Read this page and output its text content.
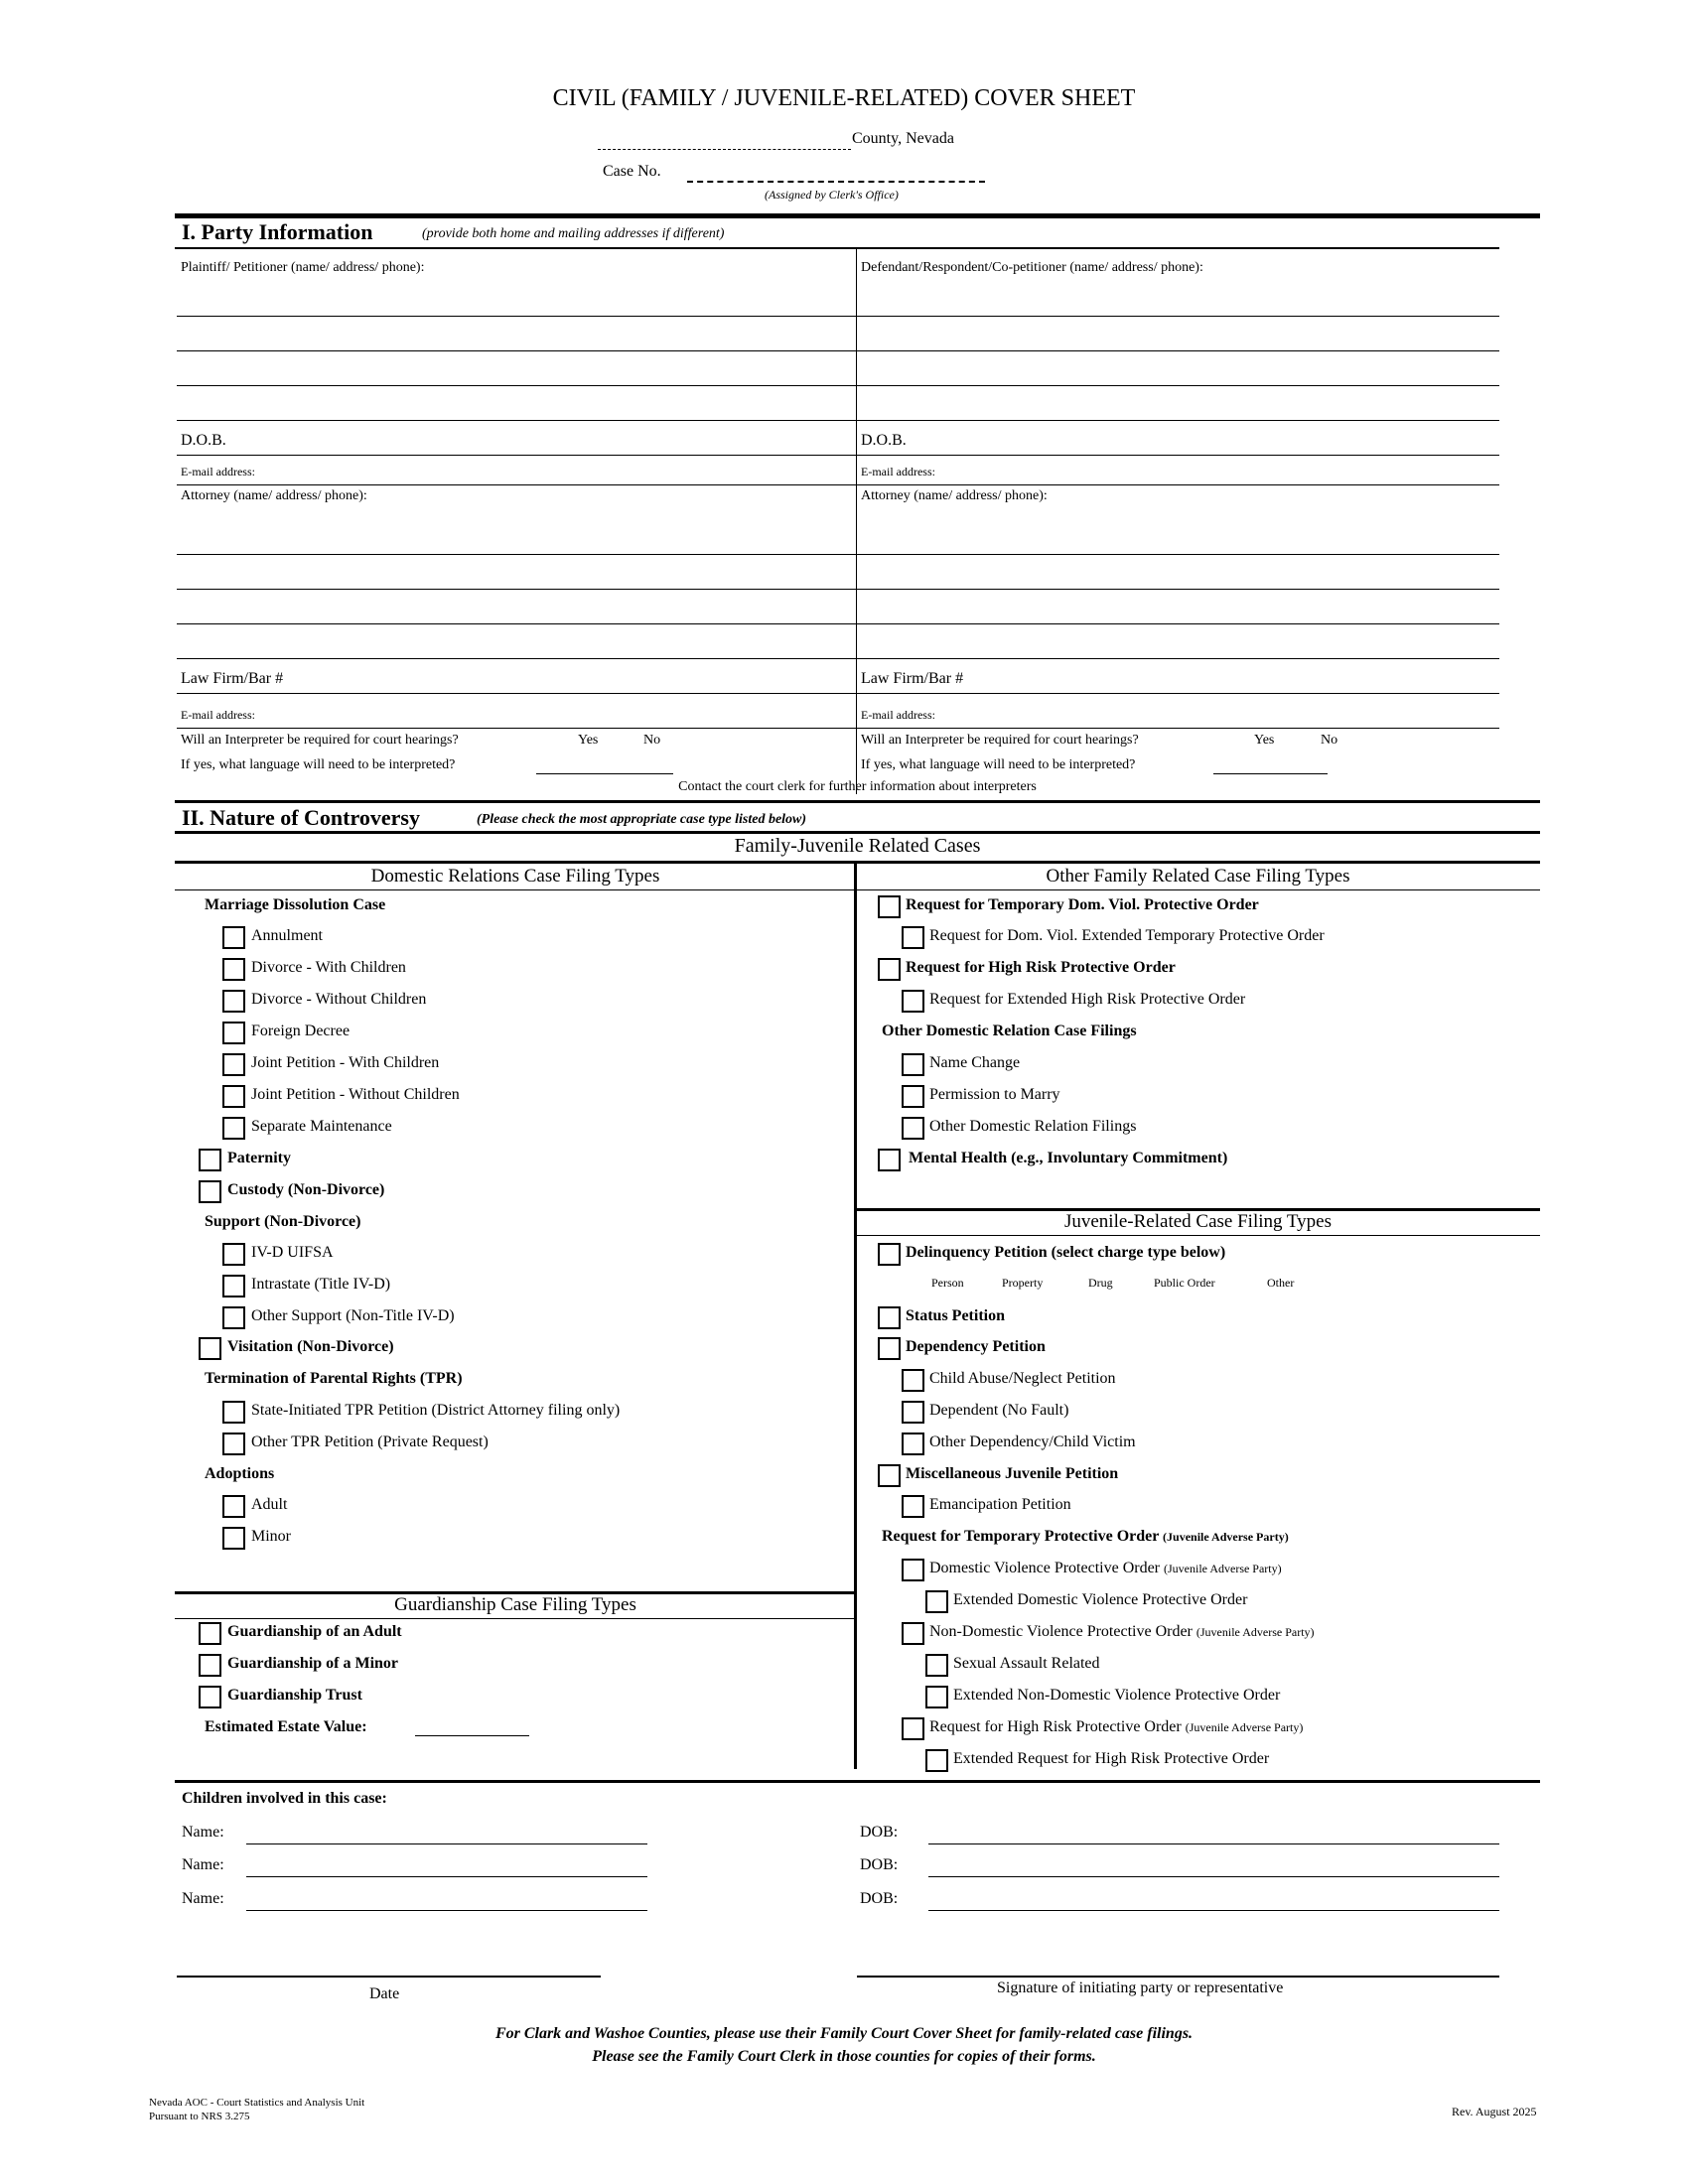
CIVIL (FAMILY / JUVENILE-RELATED) COVER SHEET
County, Nevada
Case No.
(Assigned by Clerk's Office)
I. Party Information	(provide both home and mailing addresses if different)
Plaintiff/ Petitioner (name/ address/ phone):	Defendant/Respondent/Co-petitioner (name/ address/ phone):
D.O.B.	D.O.B.
E-mail address:	E-mail address:
Attorney (name/ address/ phone):	Attorney (name/ address/ phone):
Law Firm/Bar #	Law Firm/Bar #
E-mail address:	E-mail address:
Will an Interpreter be required for court hearings?	Yes	No	Will an Interpreter be required for court hearings?	Yes	No
If yes, what language will need to be interpreted?	If yes, what language will need to be interpreted?
Contact the court clerk for further information about interpreters
II. Nature of Controversy	(Please check the most appropriate case type listed below)
Family-Juvenile Related Cases
Domestic Relations Case Filing Types	Other Family Related Case Filing Types
Marriage Dissolution Case
Annulment
Divorce - With Children
Divorce - Without Children
Foreign Decree
Joint Petition - With Children
Joint Petition - Without Children
Separate Maintenance
Paternity
Custody (Non-Divorce)
Support (Non-Divorce)
IV-D UIFSA
Intrastate (Title IV-D)
Other Support (Non-Title IV-D)
Visitation (Non-Divorce)
Termination of Parental Rights (TPR)
State-Initiated TPR Petition (District Attorney filing only)
Other TPR Petition (Private Request)
Adoptions
Adult
Minor
Guardianship Case Filing Types
Guardianship of an Adult
Guardianship of a Minor
Guardianship Trust
Estimated Estate Value:
Request for Temporary Dom. Viol. Protective Order
Request for Dom. Viol. Extended Temporary Protective Order
Request for High Risk Protective Order
Request for Extended High Risk Protective Order
Other Domestic Relation Case Filings
Name Change
Permission to Marry
Other Domestic Relation Filings
Mental Health (e.g., Involuntary Commitment)
Juvenile-Related Case Filing Types
Delinquency Petition (select charge type below)
Person	Property	Drug	Public Order	Other
Status Petition
Dependency Petition
Child Abuse/Neglect Petition
Dependent (No Fault)
Other Dependency/Child Victim
Miscellaneous Juvenile Petition
Emancipation Petition
Request for Temporary Protective Order (Juvenile Adverse Party)
Domestic Violence Protective Order (Juvenile Adverse Party)
Extended Domestic Violence Protective Order
Non-Domestic Violence Protective Order (Juvenile Adverse Party)
Sexual Assault Related
Extended Non-Domestic Violence Protective Order
Request for High Risk Protective Order (Juvenile Adverse Party)
Extended Request for High Risk Protective Order
Children involved in this case:
Name:	DOB:
Name:	DOB:
Name:	DOB:
Date	Signature of initiating party or representative
For Clark and Washoe Counties, please use their Family Court Cover Sheet for family-related case filings.
Please see the Family Court Clerk in those counties for copies of their forms.
Nevada AOC - Court Statistics and Analysis Unit
Pursuant to NRS 3.275	Rev. August 2025
